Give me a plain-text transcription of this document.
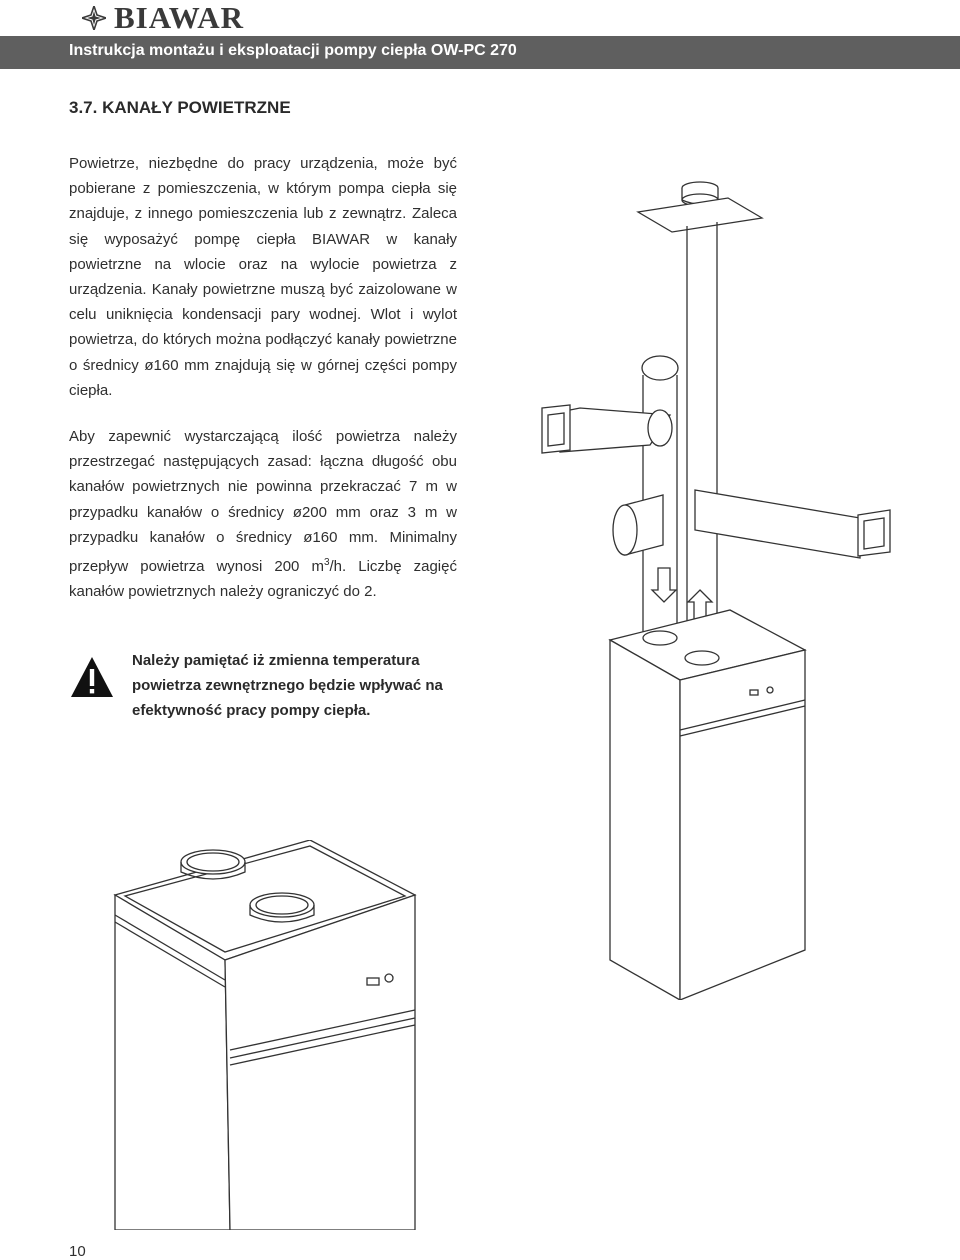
BIAWAR
Instrukcja montażu i eksploatacji pompy ciepła OW-PC 270
3.7. KANAŁY POWIETRZNE
Powietrze, niezbędne do pracy urządzenia, może być pobierane z pomieszczenia, w którym pompa ciepła się znajduje, z innego pomieszczenia lub z zewnątrz. Zaleca się wyposażyć pompę ciepła BIAWAR w kanały powietrzne na wlocie oraz na wylocie powietrza z urządzenia. Kanały powietrzne muszą być zaizolowane w celu uniknięcia kondensacji pary wodnej. Wlot i wylot powietrza, do których można podłączyć kanały powietrzne o średnicy ø160 mm znajdują się w górnej części pompy ciepła.
Aby zapewnić wystarczającą ilość powietrza należy przestrzegać następujących zasad: łączna długość obu kanałów powietrznych nie powinna przekraczać 7 m w przypadku kanałów o średnicy ø200 mm oraz 3 m w przypadku kanałów o średnicy ø160 mm. Minimalny przepływ powietrza wynosi 200 $m^3/h$. Liczbę zagięć kanałów powietrznych należy ograniczyć do 2.
Należy pamiętać iż zmienna temperatura powietrza zewnętrznego będzie wpływać na efektywność pracy pompy ciepła.
10
